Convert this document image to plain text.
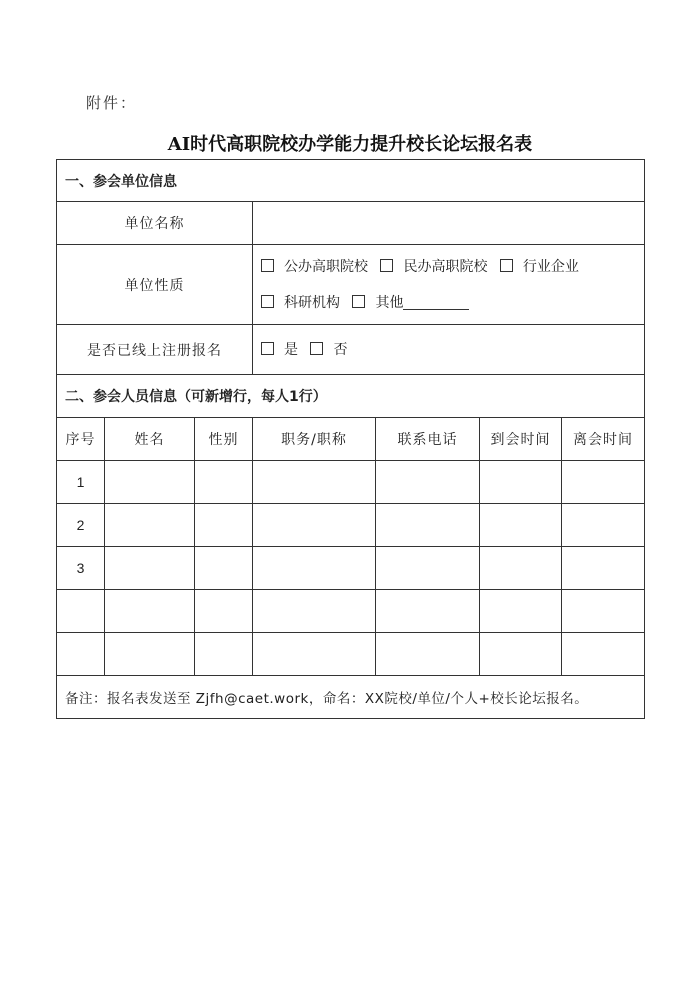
附件：
AI时代高职院校办学能力提升校长论坛报名表
一、参会单位信息						
单位名称						
单位性质			公办高职院校 民办高职院校 行业企业
科研机构 其他			
是否已线上注册报名			是 否			
二、参会人员信息（可新增行，每人1行）						
序号	姓名	性别	职务/职称	联系电话	到会时间	离会时间
1						
2						
3						

备注：报名表发送至 Zjfh@caet.work，命名：XX院校/单位/个人+校长论坛报名。						
